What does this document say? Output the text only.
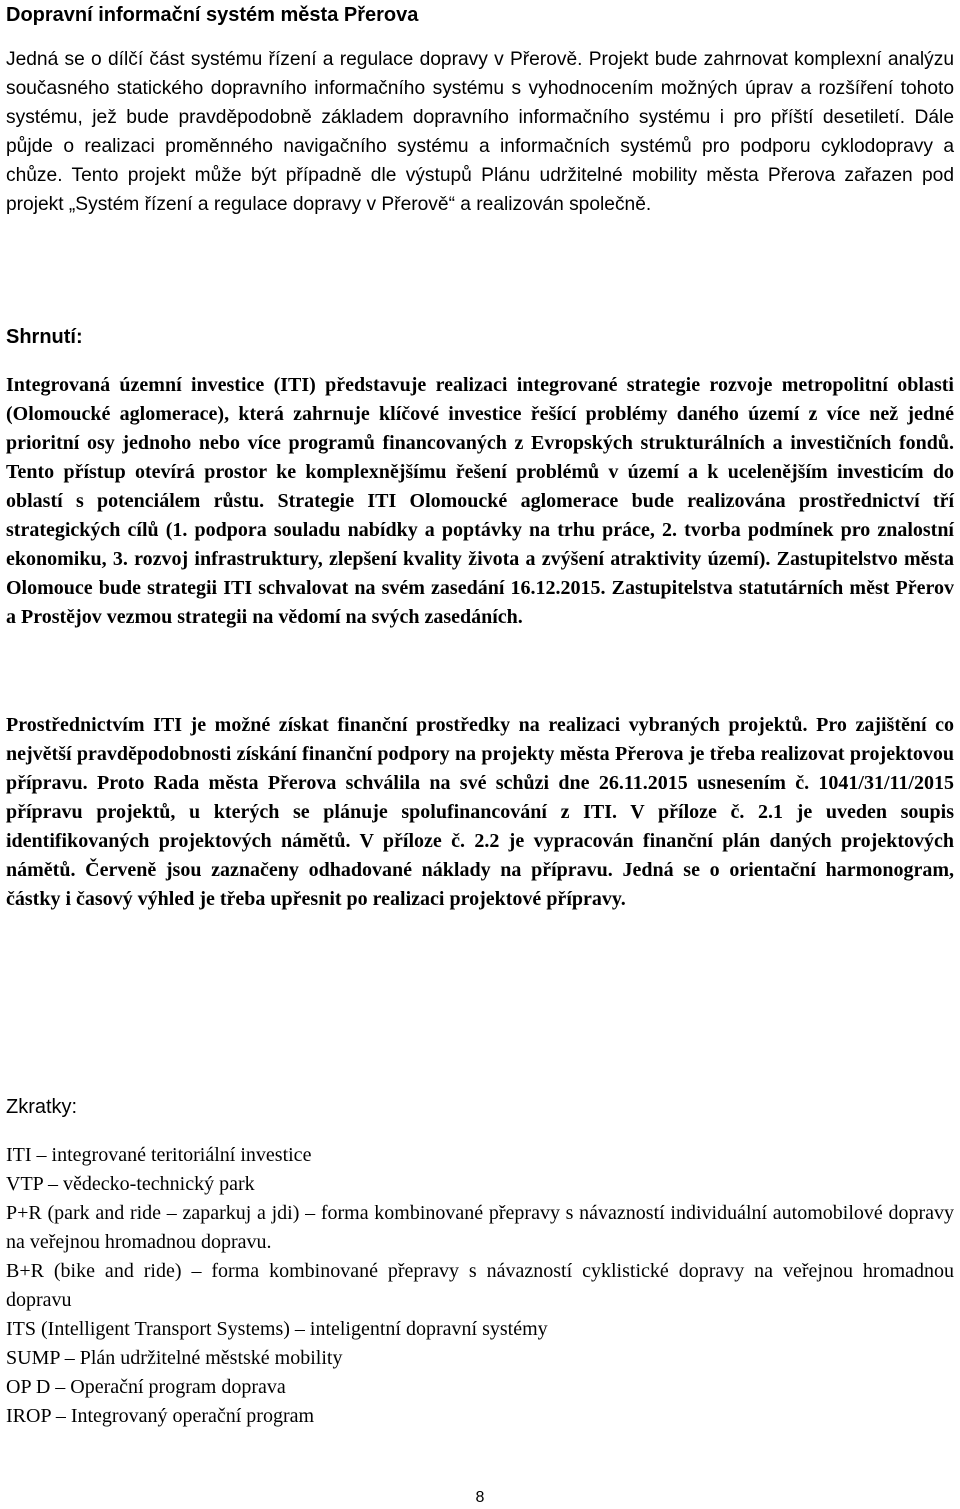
Dopravní informační systém města Přerova

Jedná se o dílčí část systému řízení a regulace dopravy v Přerově. Projekt bude zahrnovat komplexní analýzu současného statického dopravního informačního systému s vyhodnocením možných úprav a rozšíření tohoto systému, jež bude pravděpodobně základem dopravního informačního systému i pro příští desetiletí. Dále půjde o realizaci proměnného navigačního systému a informačních systémů pro podporu cyklodopravy a chůze. Tento projekt může být případně dle výstupů Plánu udržitelné mobility města Přerova zařazen pod projekt „Systém řízení a regulace dopravy v Přerově“ a realizován společně.

Shrnutí:

Integrovaná územní investice (ITI) představuje realizaci integrované strategie rozvoje metropolitní oblasti (Olomoucké aglomerace), která zahrnuje klíčové investice řešící problémy daného území z více než jedné prioritní osy jednoho nebo více programů financovaných z Evropských strukturálních a investičních fondů. Tento přístup otevírá prostor ke komplexnějšímu řešení problémů v území a k ucelenějším investicím do oblastí s potenciálem růstu. Strategie ITI Olomoucké aglomerace bude realizována prostřednictví tří strategických cílů (1. podpora souladu nabídky a poptávky na trhu práce, 2. tvorba podmínek pro znalostní ekonomiku, 3. rozvoj infrastruktury, zlepšení kvality života a zvýšení atraktivity území). Zastupitelstvo města Olomouce bude strategii ITI schvalovat na svém zasedání 16.12.2015. Zastupitelstva statutárních měst Přerov a Prostějov vezmou strategii na vědomí na svých zasedáních.

Prostřednictvím ITI je možné získat finanční prostředky na realizaci vybraných projektů. Pro zajištění co největší pravděpodobnosti získání finanční podpory na projekty města Přerova je třeba realizovat projektovou přípravu. Proto Rada města Přerova schválila na své schůzi dne 26.11.2015 usnesením č. 1041/31/11/2015 přípravu projektů, u kterých se plánuje spolufinancování z ITI. V příloze č. 2.1 je uveden soupis identifikovaných projektových námětů. V příloze č. 2.2 je vypracován finanční plán daných projektových námětů. Červeně jsou zaznačeny odhadované náklady na přípravu. Jedná se o orientační harmonogram, částky i časový výhled je třeba upřesnit po realizaci projektové přípravy.

Zkratky:
ITI – integrované teritoriální investice
VTP – vědecko-technický park
P+R (park and ride – zaparkuj a jdi) – forma kombinované přepravy s návazností individuální automobilové dopravy na veřejnou hromadnou dopravu.
B+R (bike and ride) – forma kombinované přepravy s návazností cyklistické dopravy na veřejnou hromadnou dopravu
ITS (Intelligent Transport Systems) – inteligentní dopravní systémy
SUMP – Plán udržitelné městské mobility
OP D – Operační program doprava
IROP – Integrovaný operační program
8
